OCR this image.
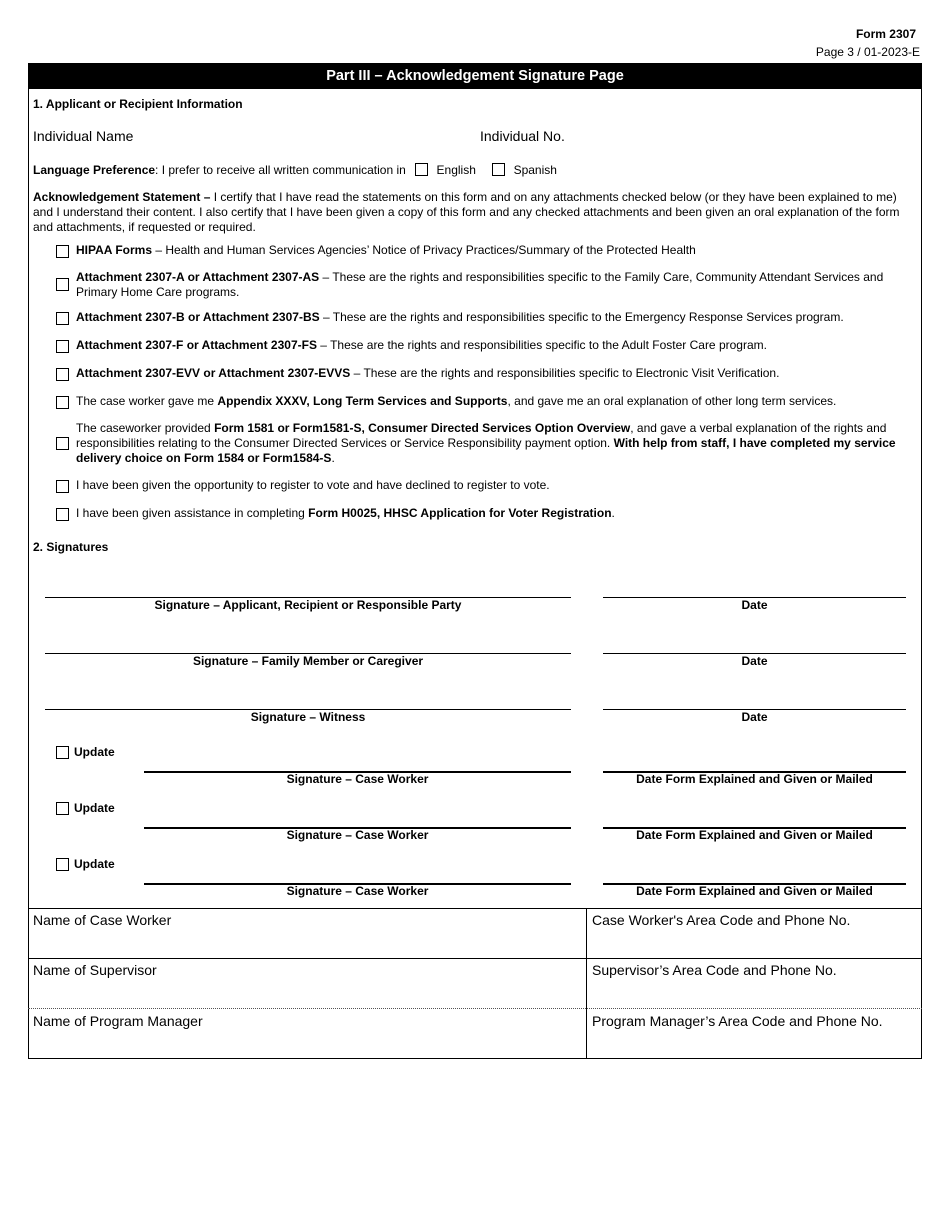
Form 2307
Page 3 / 01-2023-E
Part III – Acknowledgement Signature Page
1. Applicant or Recipient Information
Individual Name	Individual No.
Language Preference: I prefer to receive all written communication in	English	Spanish
Acknowledgement Statement – I certify that I have read the statements on this form and on any attachments checked below (or they have been explained to me) and I understand their content. I also certify that I have been given a copy of this form and any checked attachments and been given an oral explanation of the form and attachments, if requested or required.
HIPAA Forms – Health and Human Services Agencies’ Notice of Privacy Practices/Summary of the Protected Health
Attachment 2307-A or Attachment 2307-AS – These are the rights and responsibilities specific to the Family Care, Community Attendant Services and Primary Home Care programs.
Attachment 2307-B or Attachment 2307-BS – These are the rights and responsibilities specific to the Emergency Response Services program.
Attachment 2307-F or Attachment 2307-FS – These are the rights and responsibilities specific to the Adult Foster Care program.
Attachment 2307-EVV or Attachment 2307-EVVS – These are the rights and responsibilities specific to Electronic Visit Verification.
The case worker gave me Appendix XXXV, Long Term Services and Supports, and gave me an oral explanation of other long term services.
The caseworker provided Form 1581 or Form1581-S, Consumer Directed Services Option Overview, and gave a verbal explanation of the rights and responsibilities relating to the Consumer Directed Services or Service Responsibility payment option. With help from staff, I have completed my service delivery choice on Form 1584 or Form1584-S.
I have been given the opportunity to register to vote and have declined to register to vote.
I have been given assistance in completing Form H0025, HHSC Application for Voter Registration.
2. Signatures
Signature – Applicant, Recipient or Responsible Party	Date
Signature – Family Member or Caregiver	Date
Signature – Witness	Date
Update
Signature – Case Worker	Date Form Explained and Given or Mailed
Update
Signature – Case Worker	Date Form Explained and Given or Mailed
Update
Signature – Case Worker	Date Form Explained and Given or Mailed
Name of Case Worker	Case Worker's Area Code and Phone No.
Name of Supervisor	Supervisor’s Area Code and Phone No.
Name of Program Manager	Program Manager’s Area Code and Phone No.
